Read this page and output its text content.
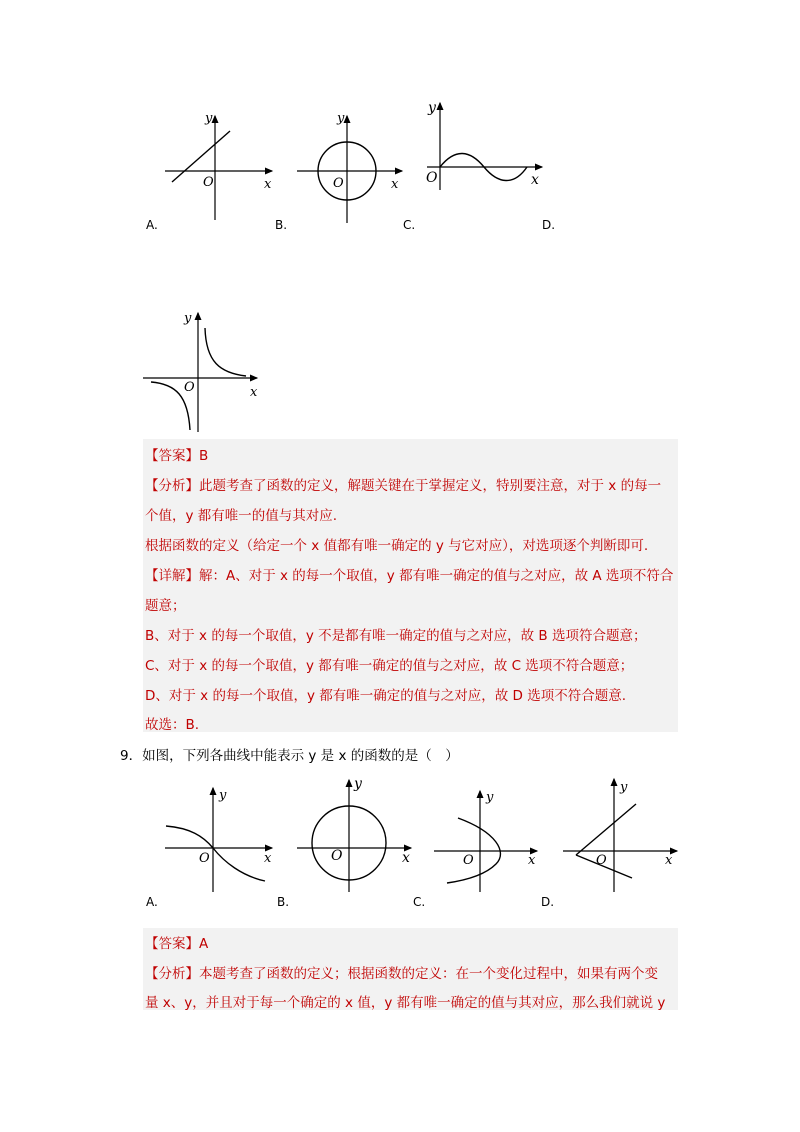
O	x
y
O	x
y
O	x
y
A.	B.	C.	D.
O	x
y
【答案】B
【分析】此题考查了函数的定义，解题关键在于掌握定义，特别要注意，对于 x 的每一
个值，y 都有唯一的值与其对应.
根据函数的定义（给定一个 x 值都有唯一确定的 y 与它对应），对选项逐个判断即可.
【详解】解：A、对于 x 的每一个取值，y 都有唯一确定的值与之对应，故 A 选项不符合
题意；
B、对于 x 的每一个取值，y 不是都有唯一确定的值与之对应，故 B 选项符合题意；
C、对于 x 的每一个取值，y 都有唯一确定的值与之对应，故 C 选项不符合题意；
D、对于 x 的每一个取值，y 都有唯一确定的值与之对应，故 D 选项不符合题意.
故选：B.
9．如图，下列各曲线中能表示 y 是 x 的函数的是（　）
O	x
y
O	x
y
O	x
y
O	x
y
A.	B.	C.	D.
【答案】A
【分析】本题考查了函数的定义；根据函数的定义：在一个变化过程中，如果有两个变
量 x、y，并且对于每一个确定的 x 值，y 都有唯一确定的值与其对应，那么我们就说 y
